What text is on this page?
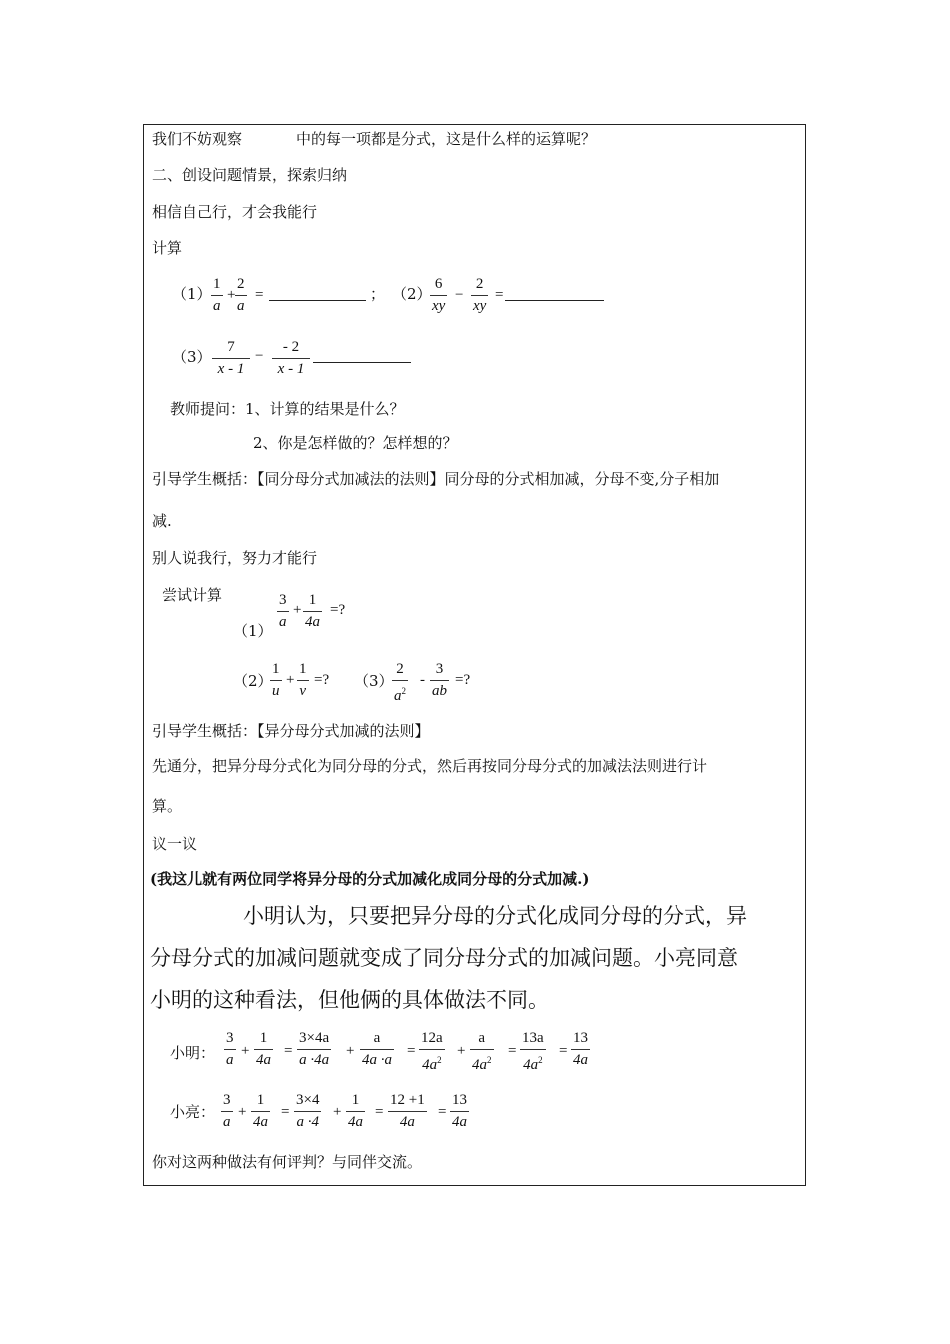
我们不妨观察	中的每一项都是分式，这是什么样的运算呢？
二、创设问题情景，探索归纳
相信自己行，才会我能行
计算
（1）
1
a
+
2
a
=	； （2）
6
xy
−
2
xy
=
（3）
7
x - 1
−
- 2
x - 1
教师提问：1、计算的结果是什么？
2、你是怎样做的？怎样想的？
引导学生概括：【同分母分式加减法的法则】同分母的分式相加减，分母不变,分子相加
减.
别人说我行，努力才能行
尝试计算
（1）
3
a
+
1
4a
=?
（2）
1
u
+
1
v
=? （3）
2
$a^2$
-
3
ab
=?
引导学生概括：【异分母分式加减的法则】
先通分，把异分母分式化为同分母的分式，然后再按同分母分式的加减法法则进行计
算。
议一议
(我这儿就有两位同学将异分母的分式加减化成同分母的分式加减.)
小明认为，只要把异分母的分式化成同分母的分式，异
分母分式的加减问题就变成了同分母分式的加减问题。小亮同意
小明的这种看法，但他俩的具体做法不同。
小明：
3
a
+
1
4a
=
3×4a
a ·4a
+
a
4a ·a
=
12a
$4a^2$
+
a
$4a^2$
=
13a
$4a^2$
=
13
4a
小亮：
3
a
+
1
4a
=
3×4
a ·4
+
1
4a
=
12 +1
4a
=
13
4a
你对这两种做法有何评判？与同伴交流。
